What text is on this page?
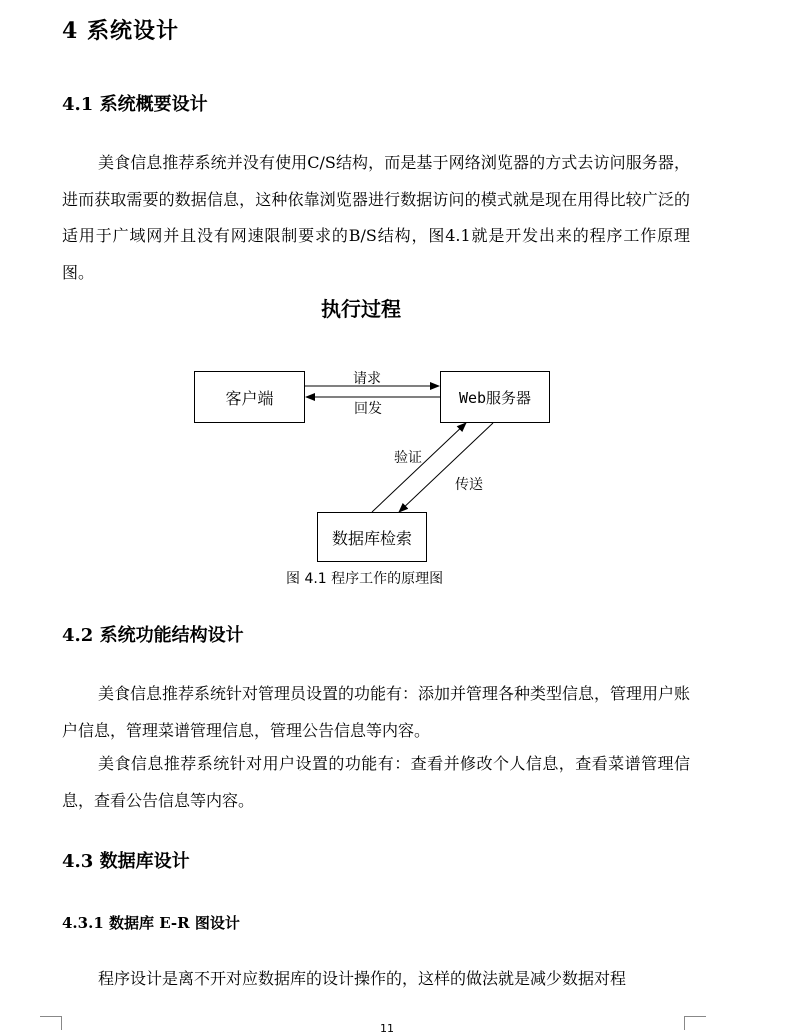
4 系统设计
4.1 系统概要设计

美食信息推荐系统并没有使用C/S结构，而是基于网络浏览器的方式去访问服务器，进而获取需要的数据信息，这种依靠浏览器进行数据访问的模式就是现在用得比较广泛的适用于广域网并且没有网速限制要求的B/S结构，图4.1就是开发出来的程序工作原理图。

执行过程

客户端	Web服务器
数据库检索
请求
回发
验证
传送
图 4.1 程序工作的原理图
4.2 系统功能结构设计

美食信息推荐系统针对管理员设置的功能有：添加并管理各种类型信息，管理用户账户信息，管理菜谱管理信息，管理公告信息等内容。

美食信息推荐系统针对用户设置的功能有：查看并修改个人信息，查看菜谱管理信息，查看公告信息等内容。

4.3 数据库设计
4.3.1 数据库 E-R 图设计

程序设计是离不开对应数据库的设计操作的，这样的做法就是减少数据对程

11
